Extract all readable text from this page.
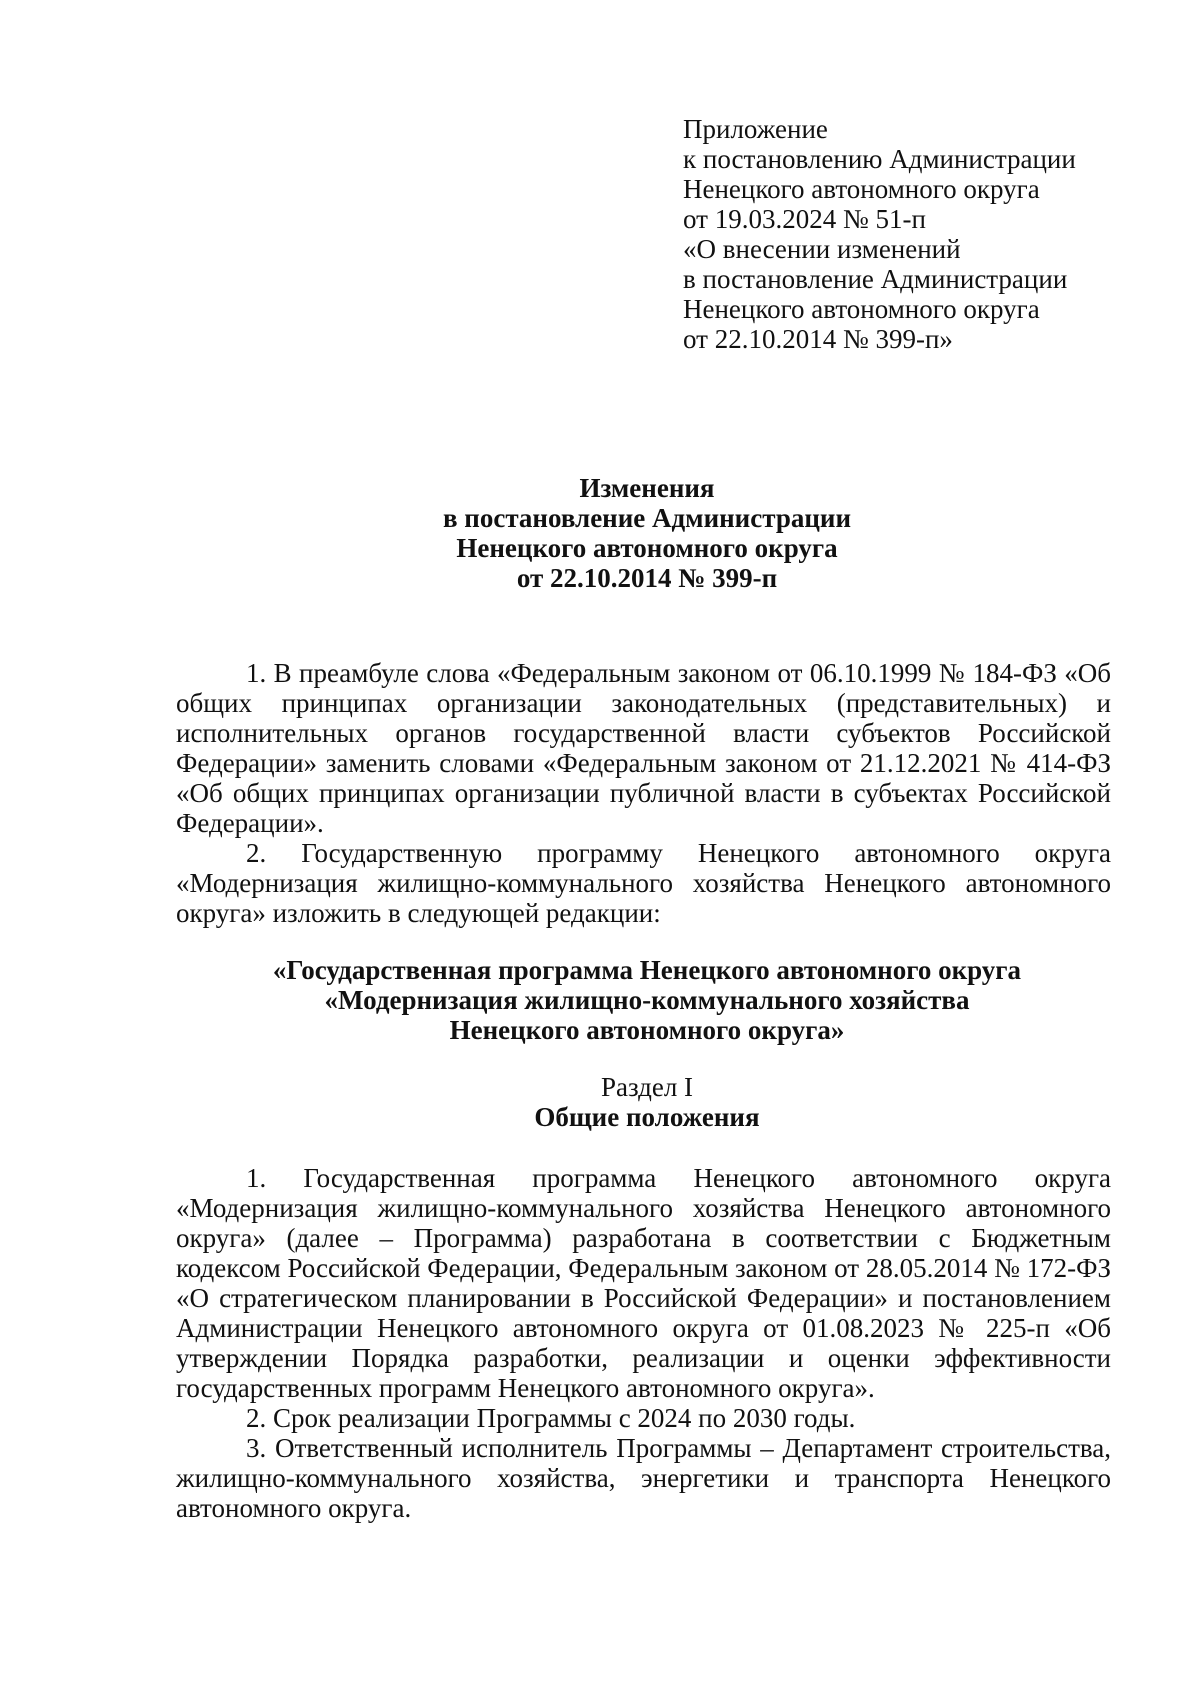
Приложение
к постановлению Администрации
Ненецкого автономного округа
от 19.03.2024 № 51-п
«О внесении изменений
в постановление Администрации
Ненецкого автономного округа
от 22.10.2014 № 399-п»
Изменения
в постановление Администрации
Ненецкого автономного округа
от 22.10.2014 № 399-п

1. В преамбуле слова «Федеральным законом от 06.10.1999 № 184-ФЗ «Об общих принципах организации законодательных (представительных) и исполнительных органов государственной власти субъектов Российской Федерации» заменить словами «Федеральным законом от 21.12.2021 № 414-ФЗ «Об общих принципах организации публичной власти в субъектах Российской Федерации».

2. Государственную программу Ненецкого автономного округа «Модернизация жилищно-коммунального хозяйства Ненецкого автономного округа» изложить в следующей редакции:

«Государственная программа Ненецкого автономного округа
«Модернизация жилищно-коммунального хозяйства
Ненецкого автономного округа»
Раздел I
Общие положения

1. Государственная программа Ненецкого автономного округа «Модернизация жилищно-коммунального хозяйства Ненецкого автономного округа» (далее – Программа) разработана в соответствии с Бюджетным кодексом Российской Федерации, Федеральным законом от 28.05.2014 № 172-ФЗ «О стратегическом планировании в Российской Федерации» и постановлением Администрации Ненецкого автономного округа от 01.08.2023 № 225-п «Об утверждении Порядка разработки, реализации и оценки эффективности государственных программ Ненецкого автономного округа».

2. Срок реализации Программы с 2024 по 2030 годы.

3. Ответственный исполнитель Программы – Департамент строительства, жилищно-коммунального хозяйства, энергетики и транспорта Ненецкого автономного округа.
